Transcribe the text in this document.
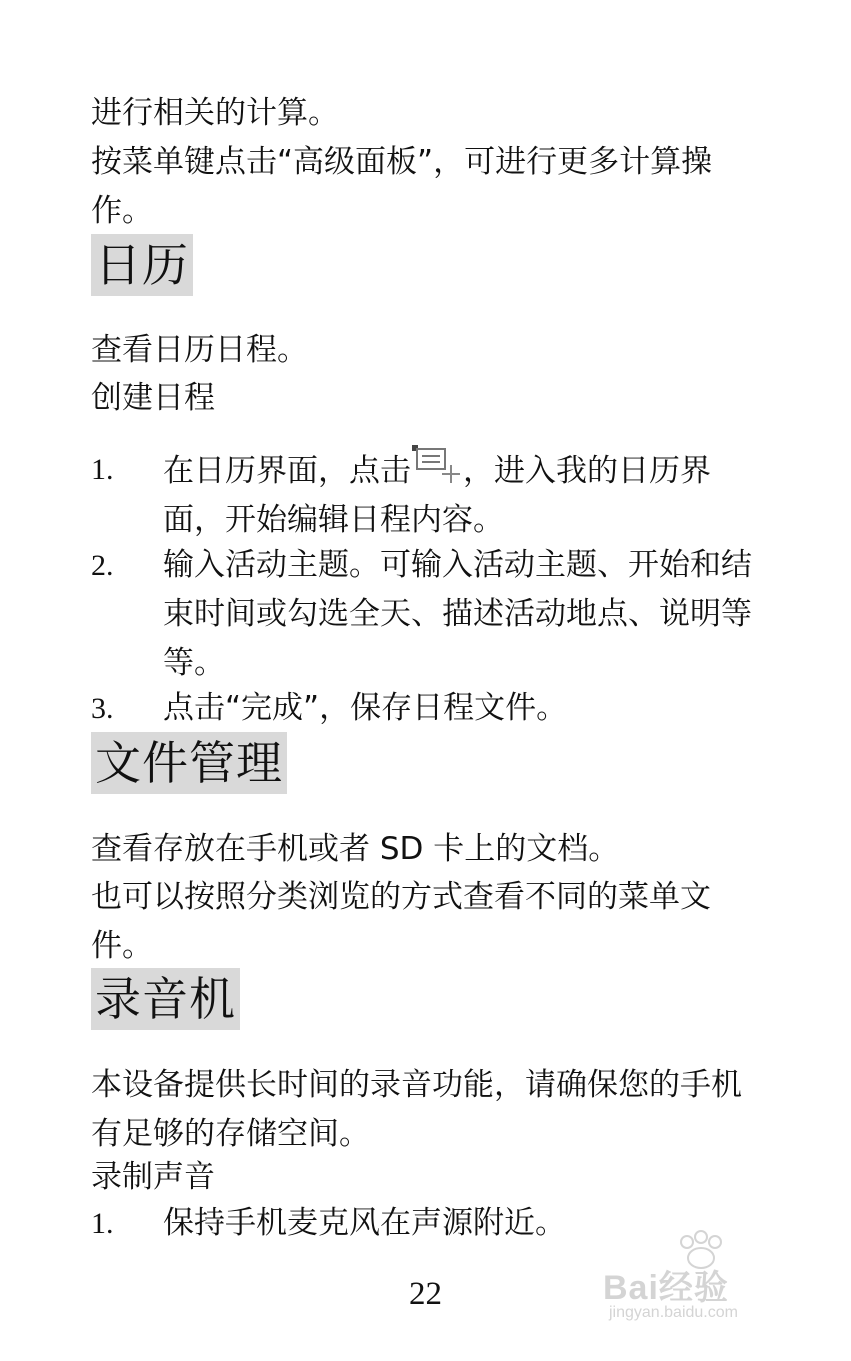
进行相关的计算。

按菜单键点击“高级面板”，可进行更多计算操作。

日历

查看日历日程。

创建日程

1. 在日历界面，点击 ，进入我的日历界面，开始编辑日程内容。
2. 输入活动主题。可输入活动主题、开始和结束时间或勾选全天、描述活动地点、说明等等。
3. 点击“完成”，保存日程文件。
文件管理

查看存放在手机或者 SD 卡上的文档。

也可以按照分类浏览的方式查看不同的菜单文件。

录音机

本设备提供长时间的录音功能，请确保您的手机有足够的存储空间。

录制声音

1. 保持手机麦克风在声源附近。
22	Bai经验
jingyan.baidu.com
